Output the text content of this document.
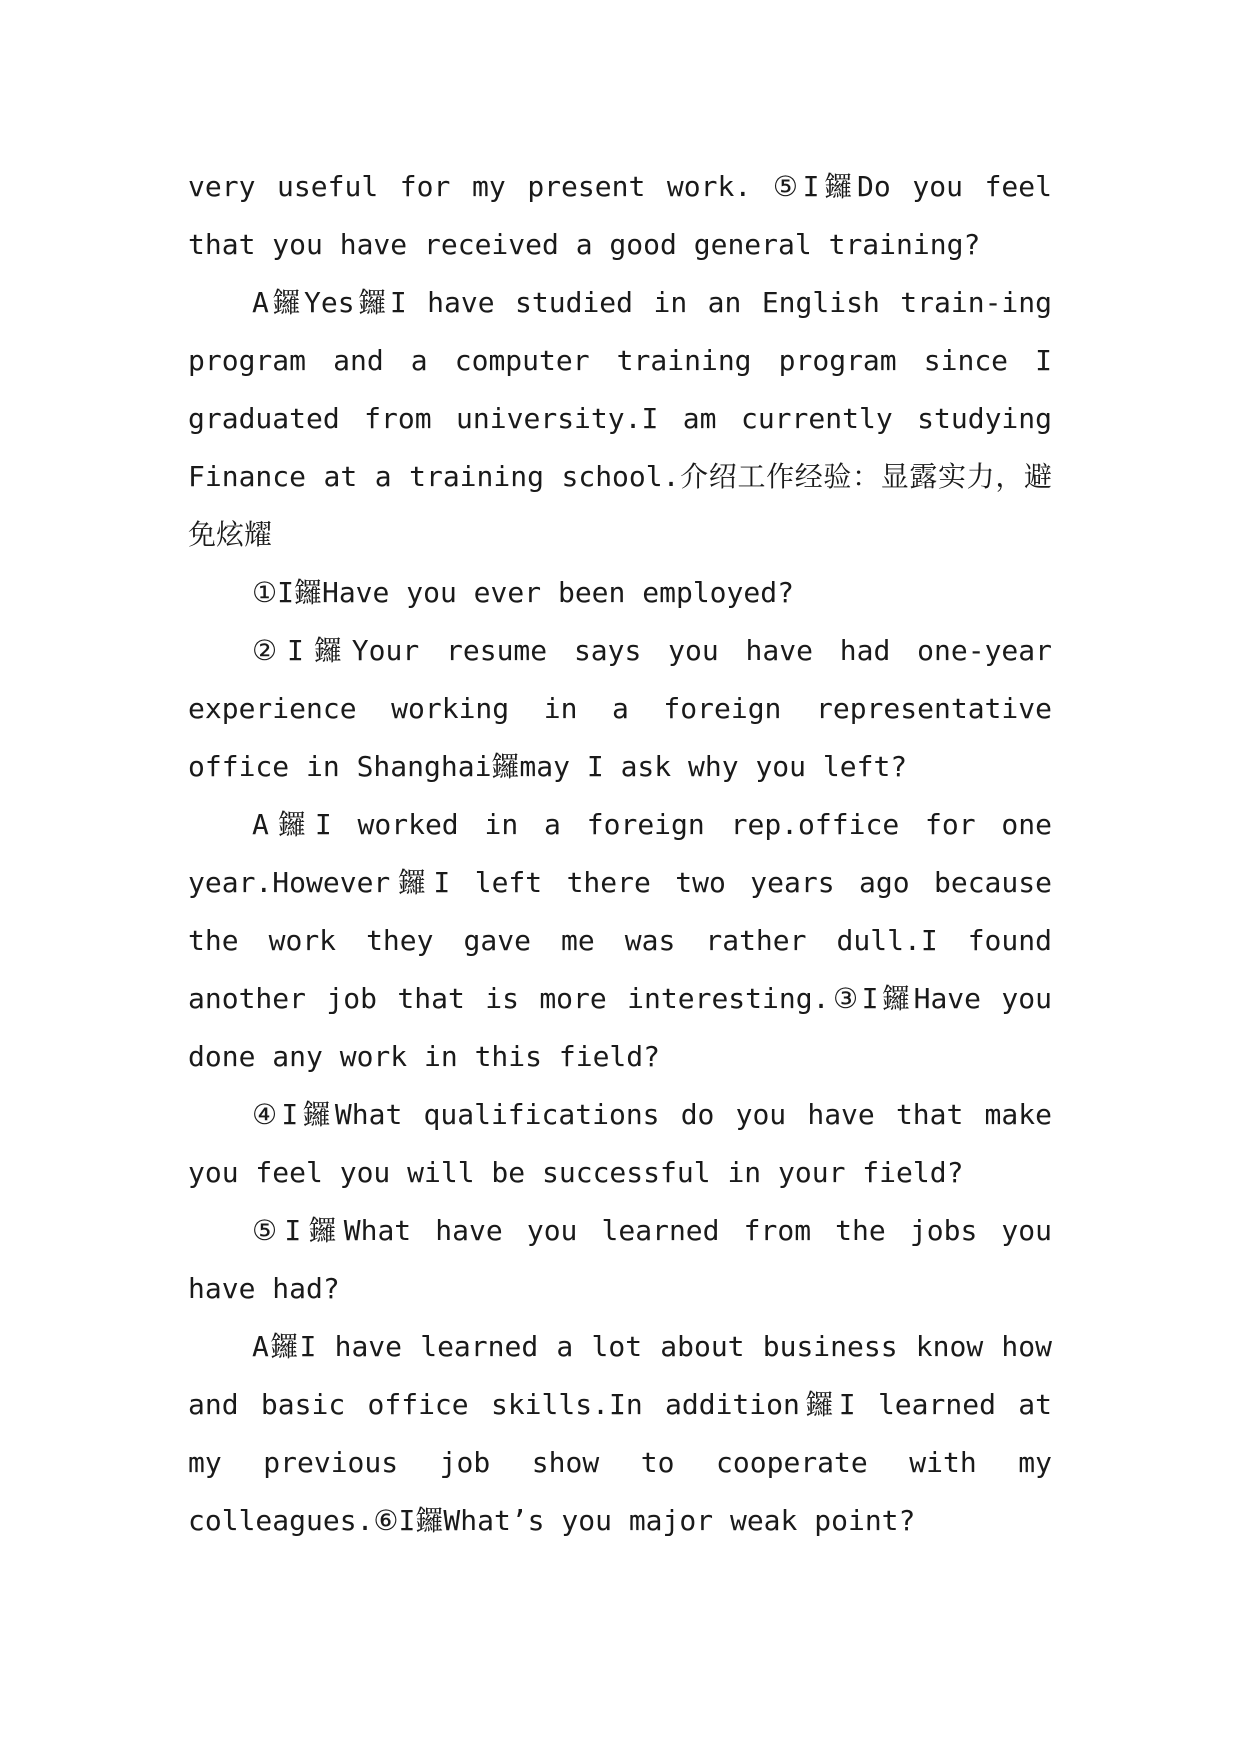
very useful for my present work. ⑤I鑼Do you feel that you have received a good general training?

A鑼Yes鑼I have studied in an English train-ing program and a computer training program since I graduated from university.I am currently studying Finance at a training school.介绍工作经验：显露实力，避免炫耀

①I鑼Have you ever been employed?

②I鑼Your resume says you have had one-year experience working in a foreign representative office in Shanghai鑼may I ask why you left?

A鑼I worked in a foreign rep.office for one year.However鑼I left there two years ago because the work they gave me was rather dull.I found another job that is more interesting.③I鑼Have you done any work in this field?

④I鑼What qualifications do you have that make you feel you will be successful in your field?

⑤I鑼What have you learned from the jobs you have had?

A鑼I have learned a lot about business know how and basic office skills.In addition鑼I learned at my previous job show to cooperate with my colleagues.⑥I鑼What’s you major weak point?
